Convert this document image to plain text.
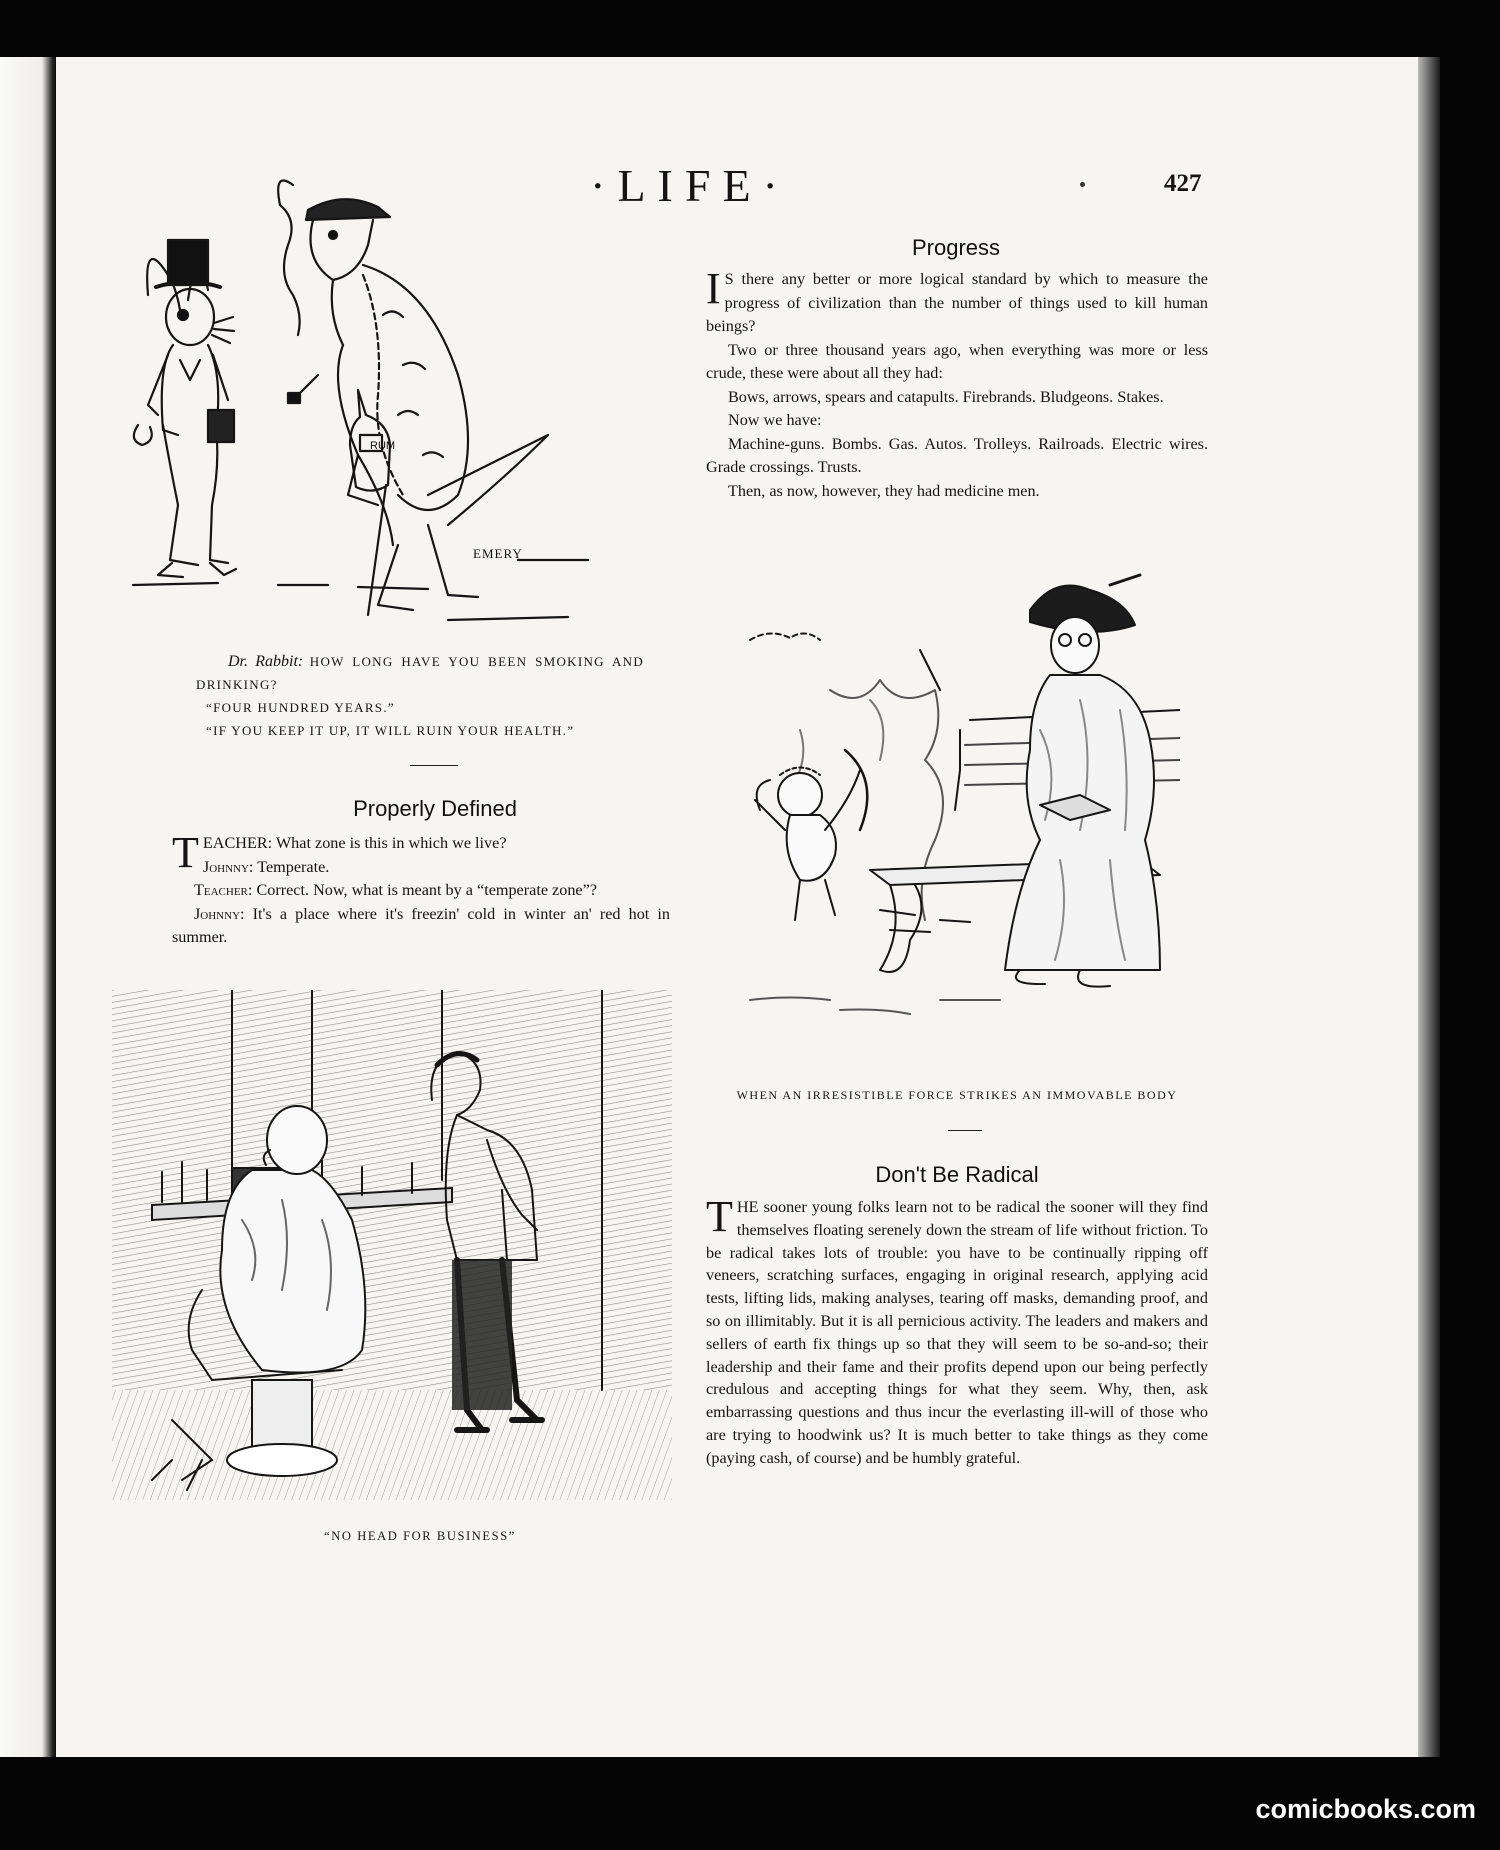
·LIFE·	427
RUM
EMERY
Dr. Rabbit: HOW LONG HAVE YOU BEEN SMOKING AND DRINKING?
“FOUR HUNDRED YEARS.”
“IF YOU KEEP IT UP, IT WILL RUIN YOUR HEALTH.”
Properly Defined

TEACHER: What zone is this in which we live?

Johnny: Temperate.

Teacher: Correct. Now, what is meant by a “temperate zone”?

Johnny: It's a place where it's freezin' cold in winter an' red hot in summer.

“NO HEAD FOR BUSINESS”
Progress

I S there any better or more logical standard by which to measure the progress of civilization than the number of things used to kill human beings?

Two or three thousand years ago, when everything was more or less crude, these were about all they had:

Bows, arrows, spears and catapults. Firebrands. Bludgeons. Stakes.

Now we have:

Machine-guns. Bombs. Gas. Autos. Trolleys. Railroads. Electric wires. Grade crossings. Trusts.

Then, as now, however, they had medicine men.

WHEN AN IRRESISTIBLE FORCE STRIKES AN IMMOVABLE BODY
Don't Be Radical

THE sooner young folks learn not to be radical the sooner will they find themselves floating serenely down the stream of life without friction. To be radical takes lots of trouble: you have to be continually ripping off veneers, scratching surfaces, engaging in original research, applying acid tests, lifting lids, making analyses, tearing off masks, demanding proof, and so on illimitably. But it is all pernicious activity. The leaders and makers and sellers of earth fix things up so that they will seem to be so-and-so; their leadership and their fame and their profits depend upon our being perfectly credulous and accepting things for what they seem. Why, then, ask embarrassing questions and thus incur the everlasting ill-will of those who are trying to hoodwink us? It is much better to take things as they come (paying cash, of course) and be humbly grateful.

comicbooks.com
